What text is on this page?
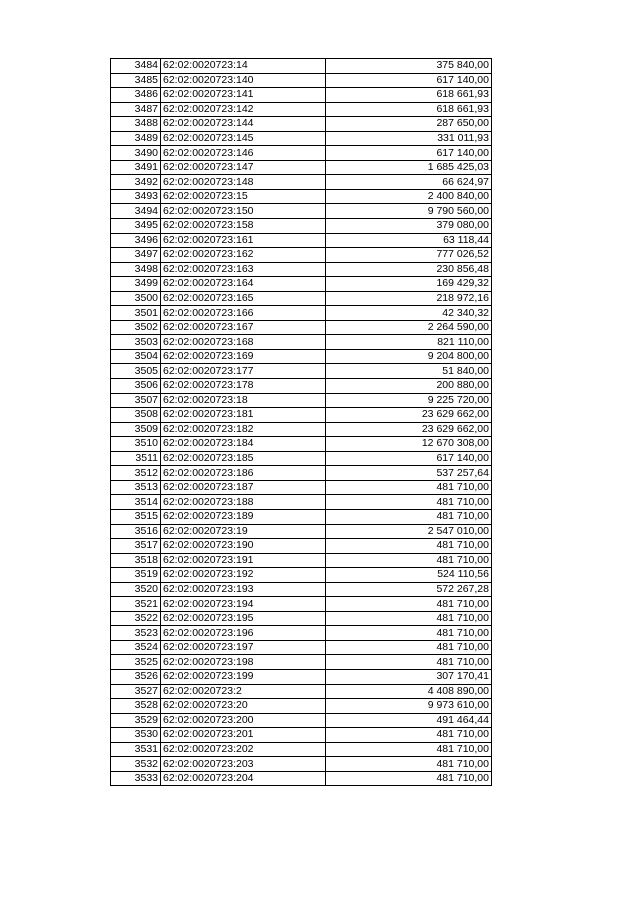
3484	62:02:0020723:14	375 840,00
3485	62:02:0020723:140	617 140,00
3486	62:02:0020723:141	618 661,93
3487	62:02:0020723:142	618 661,93
3488	62:02:0020723:144	287 650,00
3489	62:02:0020723:145	331 011,93
3490	62:02:0020723:146	617 140,00
3491	62:02:0020723:147	1 685 425,03
3492	62:02:0020723:148	66 624,97
3493	62:02:0020723:15	2 400 840,00
3494	62:02:0020723:150	9 790 560,00
3495	62:02:0020723:158	379 080,00
3496	62:02:0020723:161	63 118,44
3497	62:02:0020723:162	777 026,52
3498	62:02:0020723:163	230 856,48
3499	62:02:0020723:164	169 429,32
3500	62:02:0020723:165	218 972,16
3501	62:02:0020723:166	42 340,32
3502	62:02:0020723:167	2 264 590,00
3503	62:02:0020723:168	821 110,00
3504	62:02:0020723:169	9 204 800,00
3505	62:02:0020723:177	51 840,00
3506	62:02:0020723:178	200 880,00
3507	62:02:0020723:18	9 225 720,00
3508	62:02:0020723:181	23 629 662,00
3509	62:02:0020723:182	23 629 662,00
3510	62:02:0020723:184	12 670 308,00
3511	62:02:0020723:185	617 140,00
3512	62:02:0020723:186	537 257,64
3513	62:02:0020723:187	481 710,00
3514	62:02:0020723:188	481 710,00
3515	62:02:0020723:189	481 710,00
3516	62:02:0020723:19	2 547 010,00
3517	62:02:0020723:190	481 710,00
3518	62:02:0020723:191	481 710,00
3519	62:02:0020723:192	524 110,56
3520	62:02:0020723:193	572 267,28
3521	62:02:0020723:194	481 710,00
3522	62:02:0020723:195	481 710,00
3523	62:02:0020723:196	481 710,00
3524	62:02:0020723:197	481 710,00
3525	62:02:0020723:198	481 710,00
3526	62:02:0020723:199	307 170,41
3527	62:02:0020723:2	4 408 890,00
3528	62:02:0020723:20	9 973 610,00
3529	62:02:0020723:200	491 464,44
3530	62:02:0020723:201	481 710,00
3531	62:02:0020723:202	481 710,00
3532	62:02:0020723:203	481 710,00
3533	62:02:0020723:204	481 710,00
